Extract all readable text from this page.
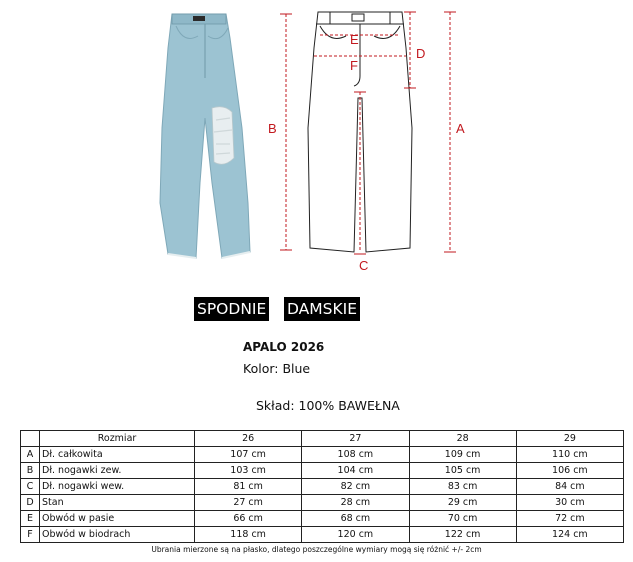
B	A
D
E
F
C
SPODNIE DAMSKIE
APALO 2026
Kolor: Blue
Skład: 100% BAWEŁNA
	Rozmiar	26	27	28	29
A	Dł. całkowita	107 cm	108 cm	109 cm	110 cm
B	Dł. nogawki zew.	103 cm	104 cm	105 cm	106 cm
C	Dł. nogawki wew.	81 cm	82 cm	83 cm	84 cm
D	Stan	27 cm	28 cm	29 cm	30 cm
E	Obwód w pasie	66 cm	68 cm	70 cm	72 cm
F	Obwód w biodrach	118 cm	120 cm	122 cm	124 cm
Ubrania mierzone są na płasko, dlatego poszczególne wymiary mogą się różnić +/- 2cm
